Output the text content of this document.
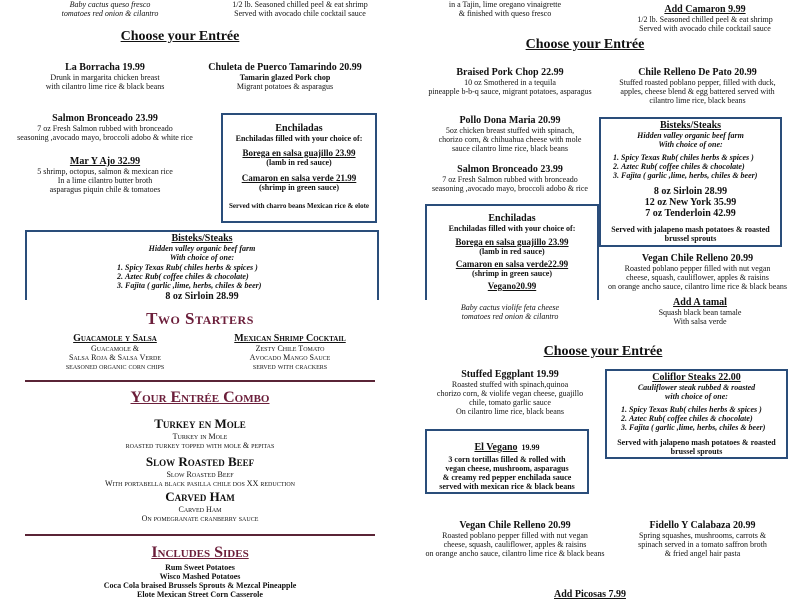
Baby cactus queso fresco
tomatoes red onion & cilantro
1/2 lb. Seasoned chilled peel & eat shrimp
Served with avocado chile cocktail sauce
Choose your Entrée
La Borracha 19.99
Drunk in margarita chicken breast
with cilantro lime rice & black beans
Chuleta de Puerco Tamarindo 20.99
Tamarin glazed Pork chop
Migrant potatoes & asparagus
Salmon Bronceado 23.99
7 oz Fresh Salmon rubbed with bronceado
seasoning ,avocado mayo, broccoli adobo & white rice
Mar Y Ajo 32.99
5 shrimp, octopus, salmon & mexican rice
In a lime cilantro butter broth
asparagus piquin chile & tomatoes
Enchiladas
Enchiladas filled with your choice of:
Borega en salsa guajillo 23.99
(lamb in red sauce)
Camaron en salsa verde 21.99
(shrimp in green sauce)
Served with charro beans Mexican rice & elote
Bisteks/Steaks
Hidden valley organic beef farm
With choice of one:
1. Spicy Texas Rub( chiles herbs & spices )
2. Aztec Rub( coffee chiles & chocolate)
3. Fajita ( garlic ,lime, herbs, chiles & beer)
8 oz Sirloin 28.99
Two Starters
Guacamole y Salsa
Guacamole &
Salsa Roja & Salsa Verde
seasoned organic corn chips
Mexican Shrimp Cocktail
Zesty Chile Tomato
Avocado Mango Sauce
served with crackers
Your Entrée Combo
Turkey en Mole
Turkey in Mole
roasted turkey topped with mole & pepitas
Slow Roasted Beef
Slow Roasted Beef
With portabella black pasilla chile dos XX reduction
Carved Ham
Carved Ham
On pomegranate cranberry sauce
Includes Sides
Rum Sweet Potatoes
Wisco Mashed Potatoes
Coca Cola braised Brussels Sprouts & Mezcal Pineapple
Elote Mexican Street Corn Casserole
in a Tajin, lime oregano vinaigrette
& finished with queso fresco	Add Camaron 9.99
1/2 lb. Seasoned chilled peel & eat shrimp
Served with avocado chile cocktail sauce
Choose your Entrée
Braised Pork Chop 22.99
10 oz Smothered in a tequila
pineapple b-b-q sauce, migrant potatoes, asparagus
Chile Relleno De Pato 20.99
Stuffed roasted poblano pepper, filled with duck,
apples, cheese blend & egg battered served with
cilantro lime rice, black beans
Pollo Dona Maria 20.99
5oz chicken breast stuffed with spinach,
chorizo corn, & chihuahua cheese with mole
sauce cilantro lime rice, black beans
Salmon Bronceado 23.99
7 oz Fresh Salmon rubbed with bronceado
seasoning ,avocado mayo, broccoli adobo & rice
Bisteks/Steaks
Hidden valley organic beef farm
With choice of one:
1. Spicy Texas Rub( chiles herbs & spices )
2. Aztec Rub( coffee chiles & chocolate)
3. Fajita ( garlic ,lime, herbs, chiles & beer)
8 oz Sirloin 28.99
12 oz New York 35.99
7 oz Tenderloin 42.99
Served with jalapeno mash potatoes & roasted brussel sprouts
Enchiladas
Enchiladas filled with your choice of:
Borega en salsa guajillo 23.99
(lamb in red sauce)
Camaron en salsa verde22.99
(shrimp in green sauce)
Vegano20.99
Baby cactus violife feta cheese
tomatoes red onion & cilantro
Vegan Chile Relleno 20.99
Roasted poblano pepper filled with nut vegan
cheese, squash, cauliflower, apples & raisins
on orange ancho sauce, cilantro lime rice & black beans
Add A tamal
Squash black bean tamale
With salsa verde
Choose your Entrée
Stuffed Eggplant 19.99
Roasted stuffed with spinach,quinoa
chorizo corn, & violife vegan cheese, guajillo
chile, tomato garlic sauce
On cilantro lime rice, black beans
Coliflor Steaks 22.00
Cauliflower steak rubbed & roasted
with choice of one:
1. Spicy Texas Rub( chiles herbs & spices )
2. Aztec Rub( coffee chiles & chocolate)
3. Fajita ( garlic ,lime, herbs, chiles & beer)
Served with jalapeno mash potatoes & roasted brussel sprouts
El Vegano 19.99
3 corn tortillas filled & rolled with
vegan cheese, mushroom, asparagus
& creamy red pepper enchilada sauce
served with mexican rice & black beans
Vegan Chile Relleno 20.99
Roasted poblano pepper filled with nut vegan
cheese, squash, cauliflower, apples & raisins
on orange ancho sauce, cilantro lime rice & black beans
Fidello Y Calabaza 20.99
Spring squashes, mushrooms, carrots &
spinach served in a tomato saffron broth
& fried angel hair pasta
Add Picosas 7.99
